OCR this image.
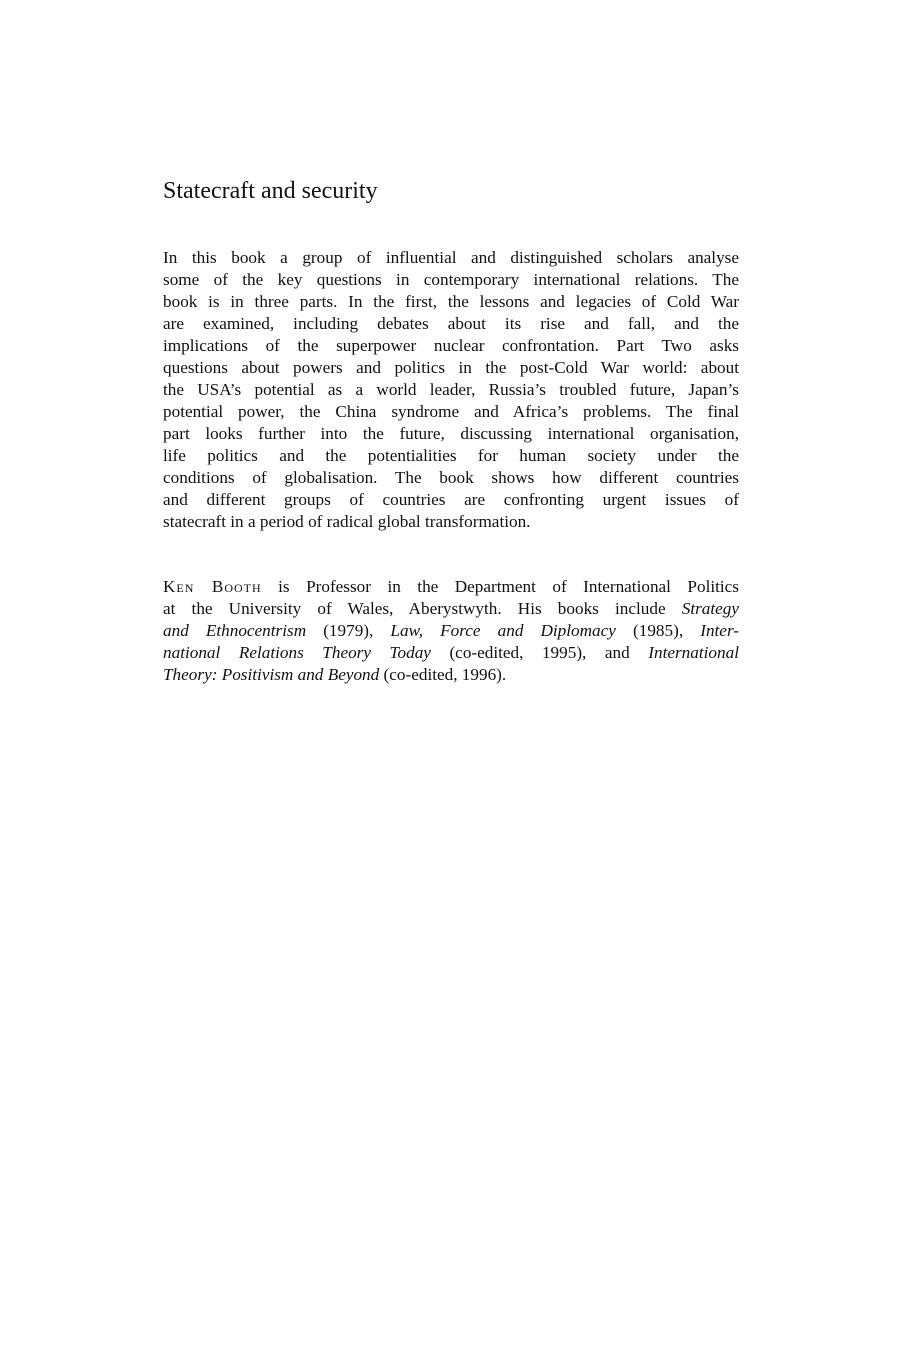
Statecraft and security

In this book a group of influential and distinguished scholars analyse
some of the key questions in contemporary international relations. The
book is in three parts. In the first, the lessons and legacies of Cold War
are examined, including debates about its rise and fall, and the
implications of the superpower nuclear confrontation. Part Two asks
questions about powers and politics in the post-Cold War world: about
the USA’s potential as a world leader, Russia’s troubled future, Japan’s
potential power, the China syndrome and Africa’s problems. The final
part looks further into the future, discussing international organisation,
life politics and the potentialities for human society under the
conditions of globalisation. The book shows how different countries
and different groups of countries are confronting urgent issues of
statecraft in a period of radical global transformation.

Ken Booth is Professor in the Department of International Politics
at the University of Wales, Aberystwyth. His books include Strategy
and Ethnocentrism (1979), Law, Force and Diplomacy (1985), Inter-
national Relations Theory Today (co-edited, 1995), and International
Theory: Positivism and Beyond (co-edited, 1996).
